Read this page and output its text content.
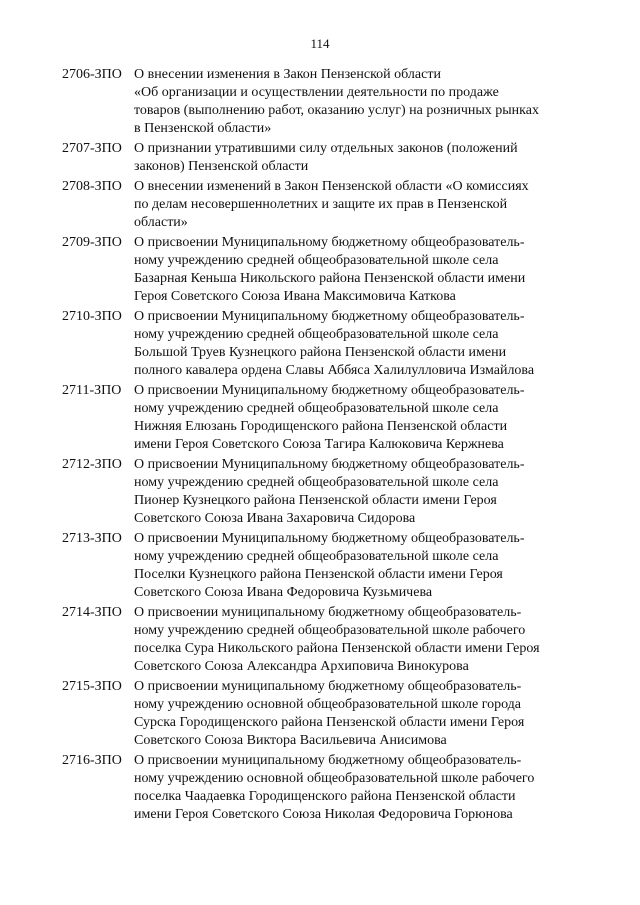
114
2706-ЗПО О внесении изменения в Закон Пензенской области
«Об организации и осуществлении деятельности по продаже
товаров (выполнению работ, оказанию услуг) на розничных рынках
в Пензенской области»
2707-ЗПО О признании утратившими силу отдельных законов (положений
законов) Пензенской области
2708-ЗПО О внесении изменений в Закон Пензенской области «О комиссиях
по делам несовершеннолетних и защите их прав в Пензенской
области»
2709-ЗПО О присвоении Муниципальному бюджетному общеобразователь-
ному учреждению средней общеобразовательной школе села
Базарная Кеньша Никольского района Пензенской области имени
Героя Советского Союза Ивана Максимовича Каткова
2710-ЗПО О присвоении Муниципальному бюджетному общеобразователь-
ному учреждению средней общеобразовательной школе села
Большой Труев Кузнецкого района Пензенской области имени
полного кавалера ордена Славы Аббяса Халилулловича Измайлова
2711-ЗПО О присвоении Муниципальному бюджетному общеобразователь-
ному учреждению средней общеобразовательной школе села
Нижняя Елюзань Городищенского района Пензенской области
имени Героя Советского Союза Тагира Калюковича Кержнева
2712-ЗПО О присвоении Муниципальному бюджетному общеобразователь-
ному учреждению средней общеобразовательной школе села
Пионер Кузнецкого района Пензенской области имени Героя
Советского Союза Ивана Захаровича Сидорова
2713-ЗПО О присвоении Муниципальному бюджетному общеобразователь-
ному учреждению средней общеобразовательной школе села
Поселки Кузнецкого района Пензенской области имени Героя
Советского Союза Ивана Федоровича Кузьмичева
2714-ЗПО О присвоении муниципальному бюджетному общеобразователь-
ному учреждению средней общеобразовательной школе рабочего
поселка Сура Никольского района Пензенской области имени Героя
Советского Союза Александра Архиповича Винокурова
2715-ЗПО О присвоении муниципальному бюджетному общеобразователь-
ному учреждению основной общеобразовательной школе города
Сурска Городищенского района Пензенской области имени Героя
Советского Союза Виктора Васильевича Анисимова
2716-ЗПО О присвоении муниципальному бюджетному общеобразователь-
ному учреждению основной общеобразовательной школе рабочего
поселка Чаадаевка Городищенского района Пензенской области
имени Героя Советского Союза Николая Федоровича Горюнова
